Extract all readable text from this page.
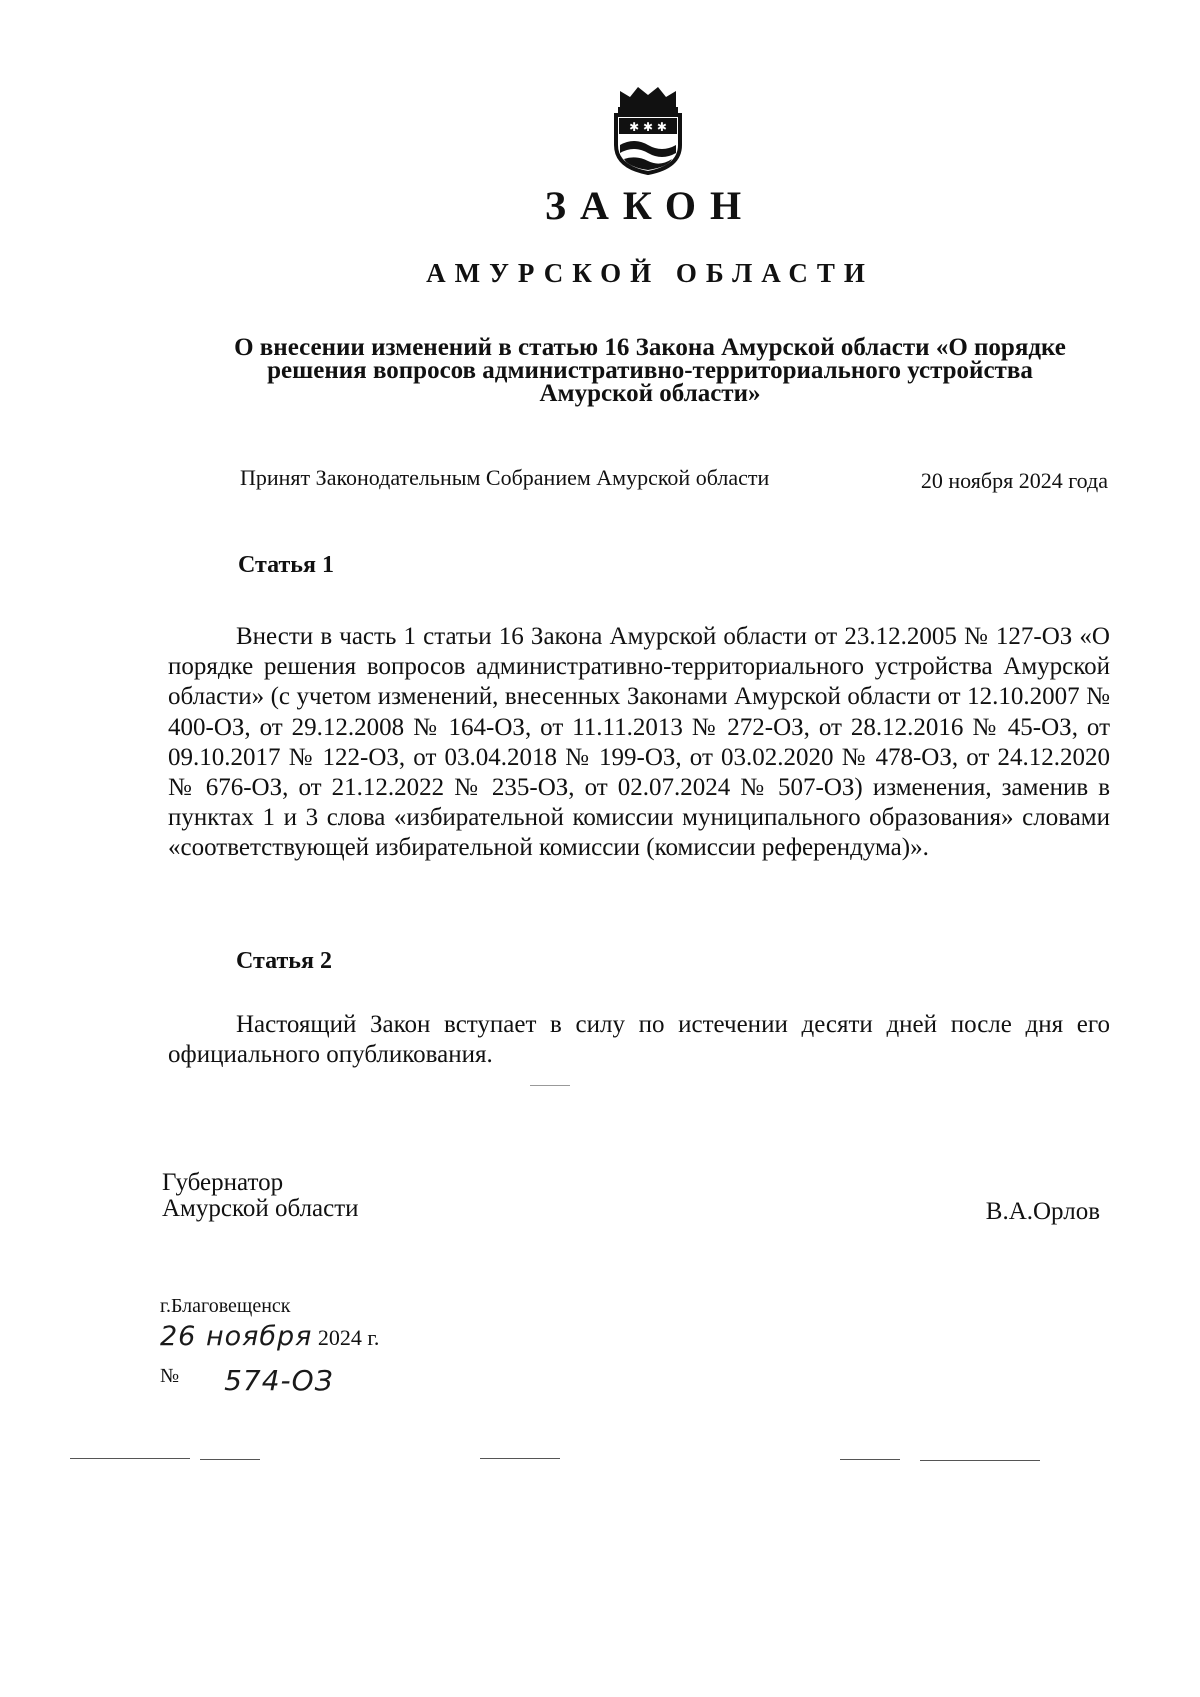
✱ ✱ ✱
ЗАКОН
АМУРСКОЙ ОБЛАСТИ
О внесении изменений в статью 16 Закона Амурской области «О порядке
решения вопросов административно-территориального устройства
Амурской области»
Принят Законодательным Собранием Амурской области	20 ноября 2024 года
Статья 1
Внести в часть 1 статьи 16 Закона Амурской области от 23.12.2005 № 127-ОЗ «О порядке решения вопросов административно-территориального устройства Амурской области» (с учетом изменений, внесенных Законами Амурской области от 12.10.2007 № 400-ОЗ, от 29.12.2008 № 164-ОЗ, от 11.11.2013 № 272-ОЗ, от 28.12.2016 № 45-ОЗ, от 09.10.2017 № 122-ОЗ, от 03.04.2018 № 199-ОЗ, от 03.02.2020 № 478-ОЗ, от 24.12.2020 № 676-ОЗ, от 21.12.2022 № 235-ОЗ, от 02.07.2024 № 507-ОЗ) изменения, заменив в пунктах 1 и 3 слова «избирательной комиссии муниципального образования» словами «соответствующей избирательной комиссии (комиссии референдума)».
Статья 2
Настоящий Закон вступает в силу по истечении десяти дней после дня его официального опубликования.
Губернатор
Амурской области	В.А.Орлов
г.Благовещенск
26 ноября 2024 г.
№ 574-ОЗ
